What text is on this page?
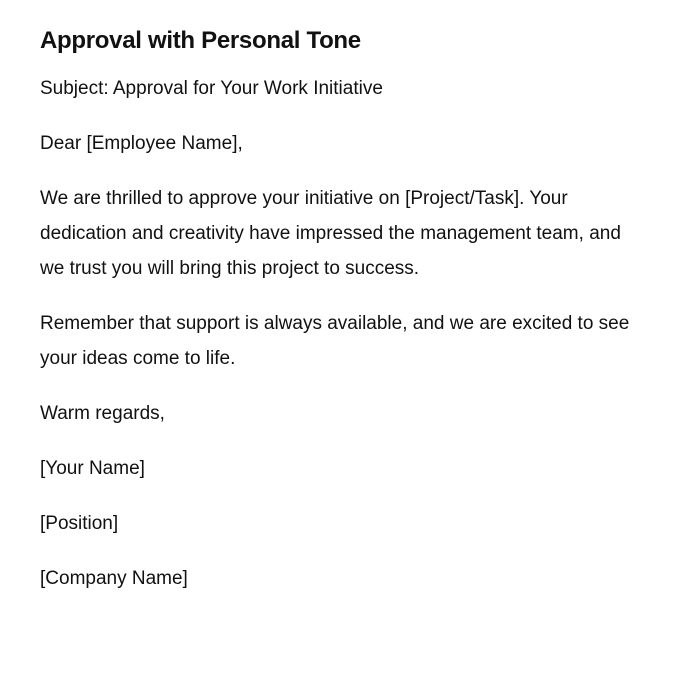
Approval with Personal Tone

Subject: Approval for Your Work Initiative

Dear [Employee Name],

We are thrilled to approve your initiative on [Project/Task]. Your dedication and creativity have impressed the management team, and we trust you will bring this project to success.

Remember that support is always available, and we are excited to see your ideas come to life.

Warm regards,

[Your Name]

[Position]

[Company Name]
